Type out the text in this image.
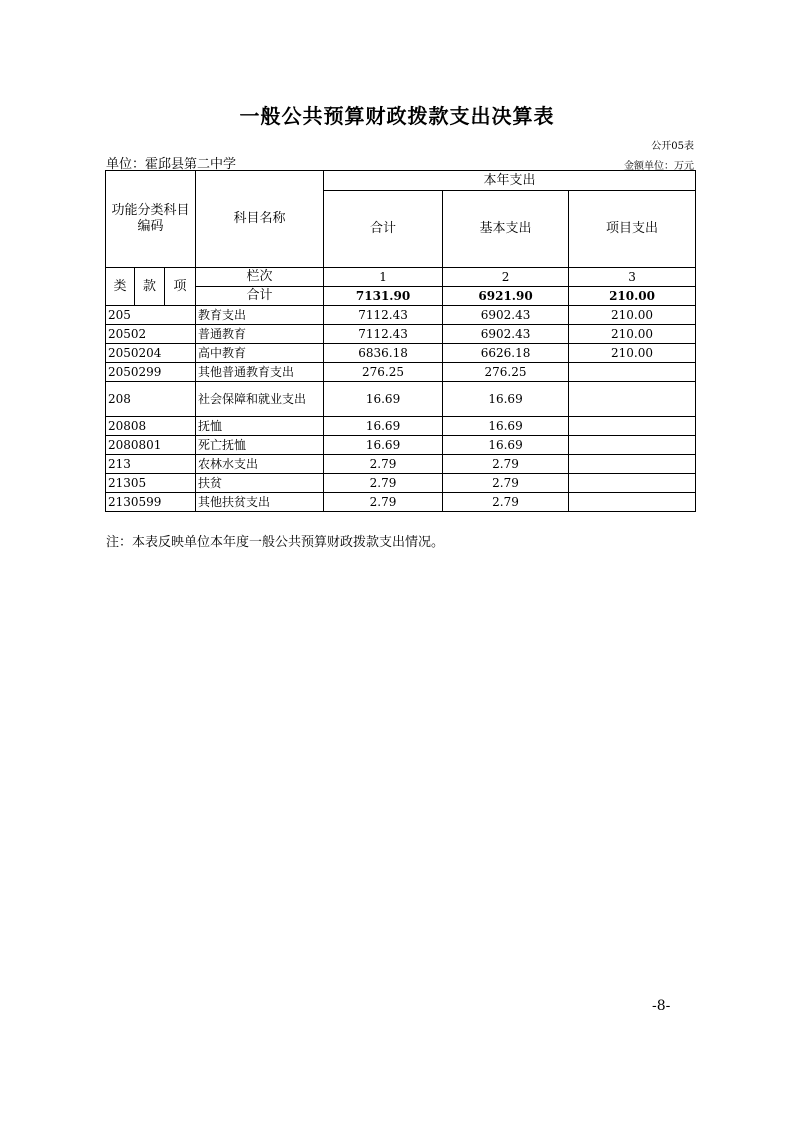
一般公共预算财政拨款支出决算表
公开05表
单位：霍邱县第二中学	金额单位：万元
功能分类科目编码			科目名称	本年支出		
				合计	基本支出	项目支出
类	款	项	栏次	1	2	3
			合计	7131.90	6921.90	210.00
205			教育支出	7112.43	6902.43	210.00
20502			普通教育	7112.43	6902.43	210.00
2050204			高中教育	6836.18	6626.18	210.00
2050299			其他普通教育支出	276.25	276.25	
208			社会保障和就业支出	16.69	16.69	
20808			抚恤	16.69	16.69	
2080801			死亡抚恤	16.69	16.69	
213			农林水支出	2.79	2.79	
21305			扶贫	2.79	2.79	
2130599			其他扶贫支出	2.79	2.79	
注：本表反映单位本年度一般公共预算财政拨款支出情况。
-8-
